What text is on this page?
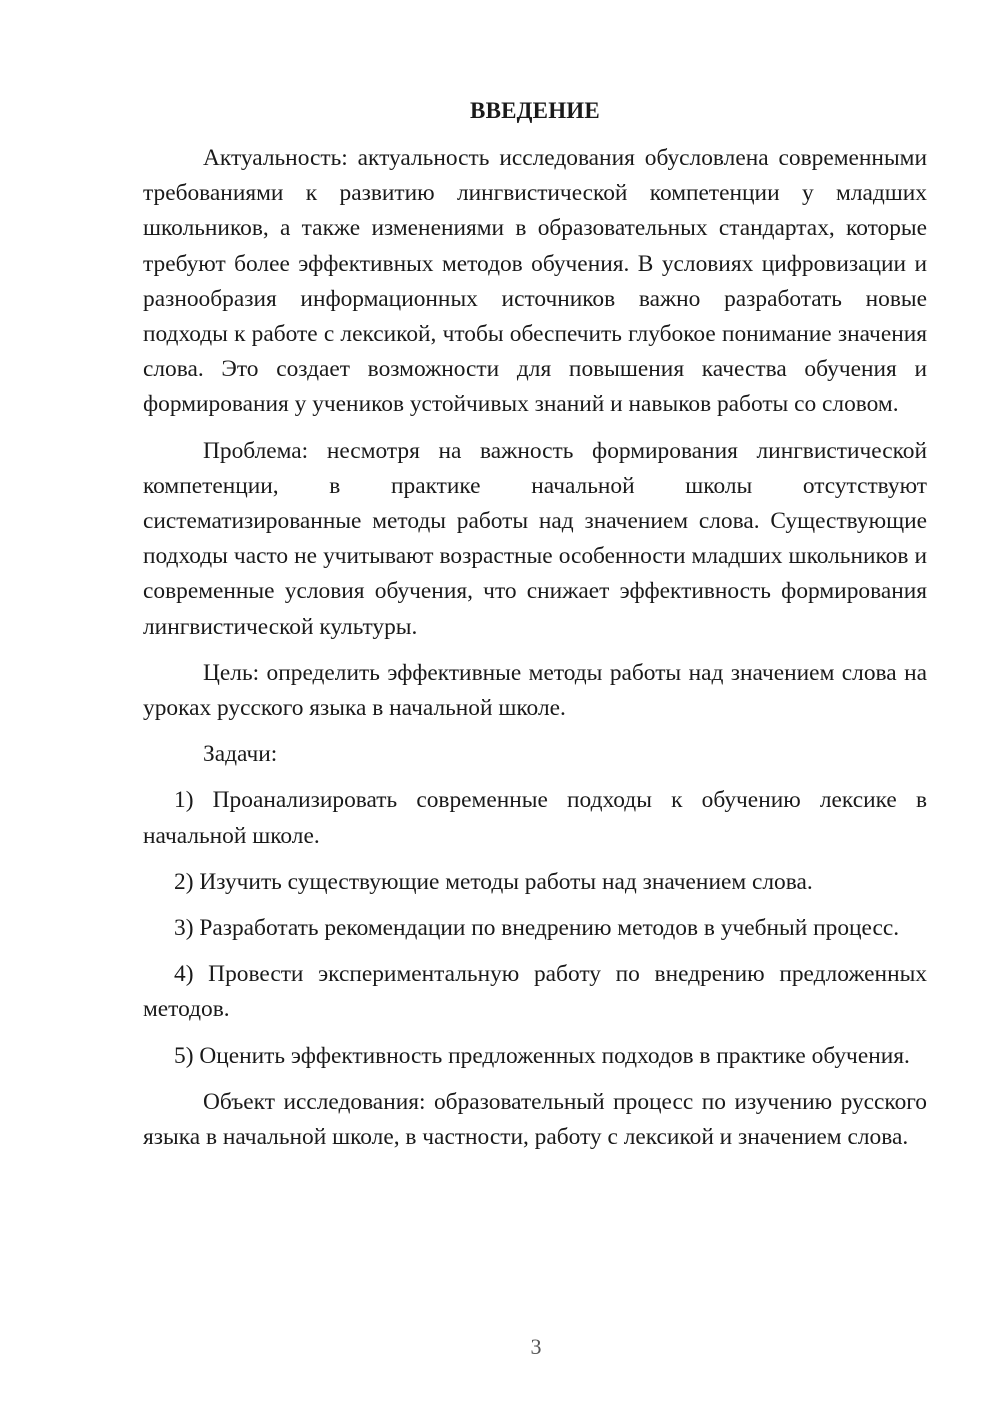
ВВЕДЕНИЕ

Актуальность: актуальность исследования обусловлена современными требованиями к развитию лингвистической компетенции у младших школьников, а также изменениями в образовательных стандартах, которые требуют более эффективных методов обучения. В условиях цифровизации и разнообразия информационных источников важно разработать новые подходы к работе с лексикой, чтобы обеспечить глубокое понимание значения слова. Это создает возможности для повышения качества обучения и формирования у учеников устойчивых знаний и навыков работы со словом.

Проблема: несмотря на важность формирования лингвистической компетенции, в практике начальной школы отсутствуют систематизированные методы работы над значением слова. Существующие подходы часто не учитывают возрастные особенности младших школьников и современные условия обучения, что снижает эффективность формирования лингвистической культуры.

Цель: определить эффективные методы работы над значением слова на уроках русского языка в начальной школе.

Задачи:

1) Проанализировать современные подходы к обучению лексике в начальной школе.

2) Изучить существующие методы работы над значением слова.

3) Разработать рекомендации по внедрению методов в учебный процесс.

4) Провести экспериментальную работу по внедрению предложенных методов.

5) Оценить эффективность предложенных подходов в практике обучения.

Объект исследования: образовательный процесс по изучению русского языка в начальной школе, в частности, работу с лексикой и значением слова.

3
